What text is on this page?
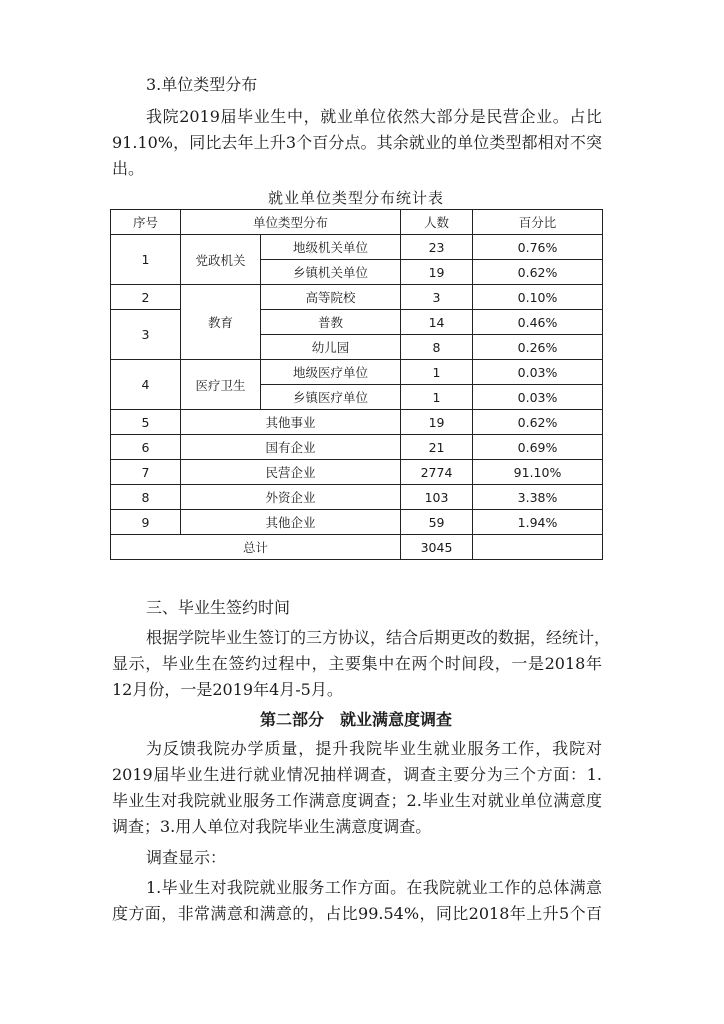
3.单位类型分布
我院2019届毕业生中，就业单位依然大部分是民营企业。占比
91.10%，同比去年上升3个百分点。其余就业的单位类型都相对不突
出。
就业单位类型分布统计表
序号	单位类型分布		人数	百分比
1	党政机关	地级机关单位	23	0.76%
		乡镇机关单位	19	0.62%
2	教育	高等院校	3	0.10%
3		普教	14	0.46%
		幼儿园	8	0.26%
4	医疗卫生	地级医疗单位	1	0.03%
		乡镇医疗单位	1	0.03%
5	其他事业		19	0.62%
6	国有企业		21	0.69%
7	民营企业		2774	91.10%
8	外资企业		103	3.38%
9	其他企业		59	1.94%
总计			3045	
三、毕业生签约时间
根据学院毕业生签订的三方协议，结合后期更改的数据，经统计，
显示，毕业生在签约过程中，主要集中在两个时间段，一是2018年
12月份，一是2019年4月-5月。
第二部分　就业满意度调查
为反馈我院办学质量，提升我院毕业生就业服务工作，我院对
2019届毕业生进行就业情况抽样调查，调查主要分为三个方面：1.
毕业生对我院就业服务工作满意度调查；2.毕业生对就业单位满意度
调查；3.用人单位对我院毕业生满意度调查。
调查显示：
1.毕业生对我院就业服务工作方面。在我院就业工作的总体满意
度方面，非常满意和满意的，占比99.54%，同比2018年上升5个百
